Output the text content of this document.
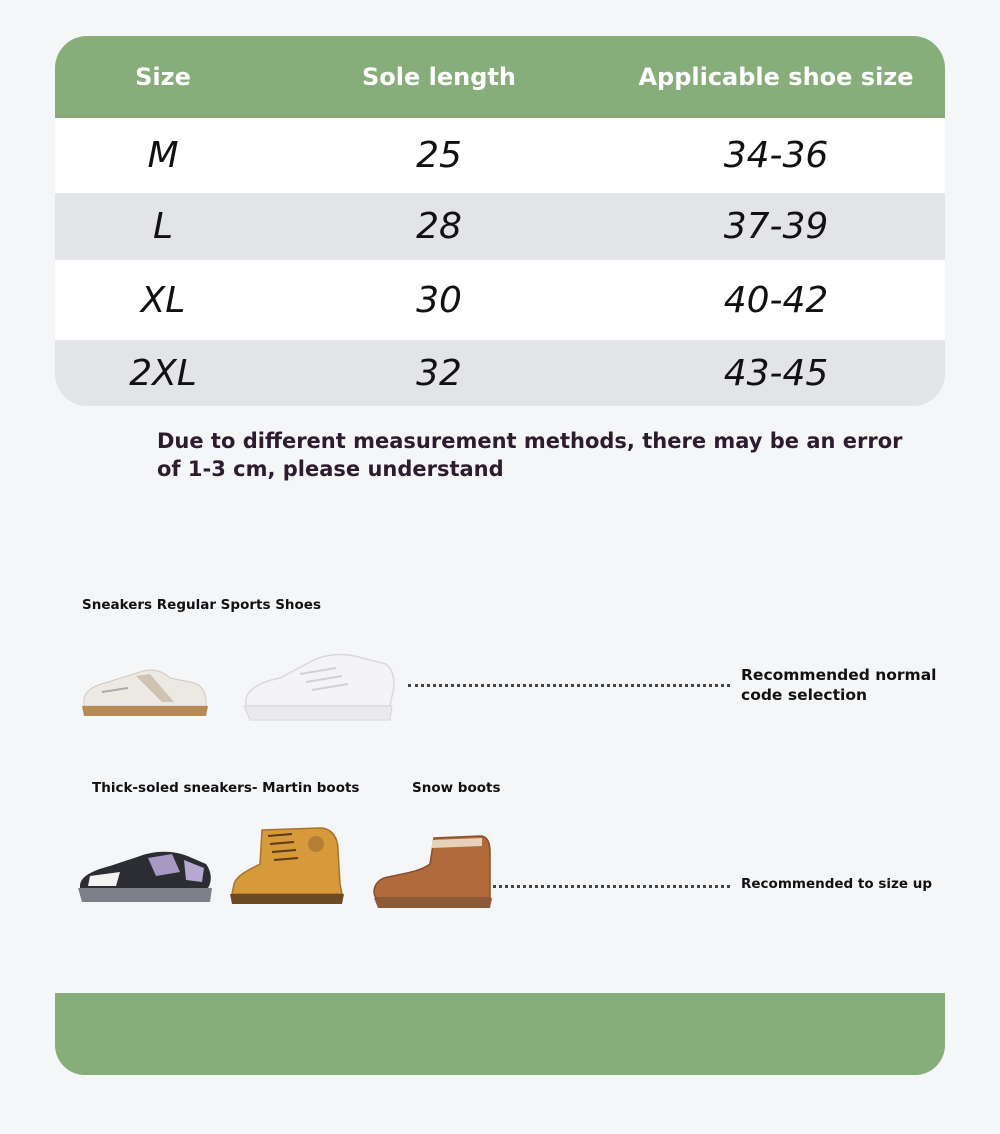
Size	Sole length	Applicable shoe size
M	25	34-36
L	28	37-39
XL	30	40-42
2XL	32	43-45
Due to different measurement methods, there may be an error of 1-3 cm, please understand
Sneakers Regular Sports Shoes
Recommended normal
code selection
Thick-soled sneakers- Martin boots	Snow boots
Recommended to size up
